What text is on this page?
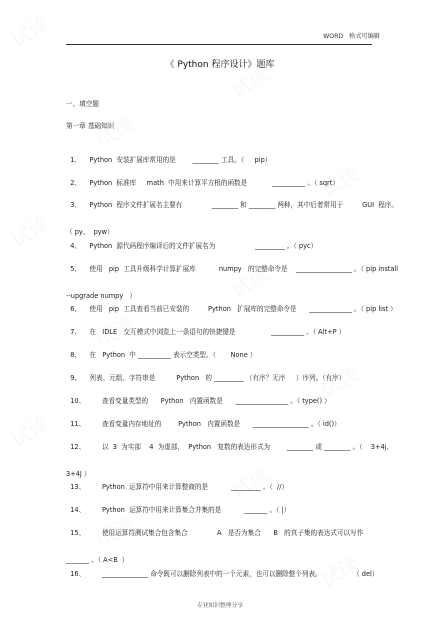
WORD   格式可编辑
《 Python 程序设计》题库
一、填空题
第一章 基础知识

1、    Python  安装扩展库常用的是        ________ 工具。（     pip）

2、    Python  标准库     math  中用来计算平方根的函数是            __________ 。（ sqrt）

3、    Python  程序文件扩展名主要有              ________ 和 ________ 两种，其中后者常用于         GUI  程序。

（ py、  pyw）

4、    Python  源代码程序编译后的文件扩展名为                   _________ 。（ pyc）

5、    使用   pip  工具升级科学计算扩展库           numpy   的完整命令是    _________________ 。（ pip install

--upgrade numpy   ）

6、    使用   pip  工具查看当前已安装的         Python   扩展库的完整命令是      _____________ 。（ pip list ）

7、    在   IDLE   交互模式中浏览上一条语句的快捷键是                 __________ 。（ Alt+P ）

8、    在   Python  中 __________ 表示空类型。（       None ）

9、    列表、元组、字符串是          Python   的 _________ （有序？无序     ）序列。（有序）

10、        查看变量类型的      Python   内置函数是      ________________ 。（ type() ）

11、        查看变量内存地址的        Python   内置函数是      _________________ 。（ id()）

12、        以  3  为实部    4  为虚部，  Python   复数的表达形式为        ________ 或 ________ 。（    3+4j、

3+4J ）

13、        Python  运算符中用来计算整商的是           _________ 。（  //）

14、        Python  运算符中用来计算集合并集的是           _______ 。（ |）

15、        使用运算符测试集合包含集合              A   是否为集合      B   的真子集的表达式可以写作

_______ 。（ A<B  ）

16、        ______________ 命令既可以删除列表中的一个元素，也可以删除整个列表。               （ del）

专业知识整理分享
